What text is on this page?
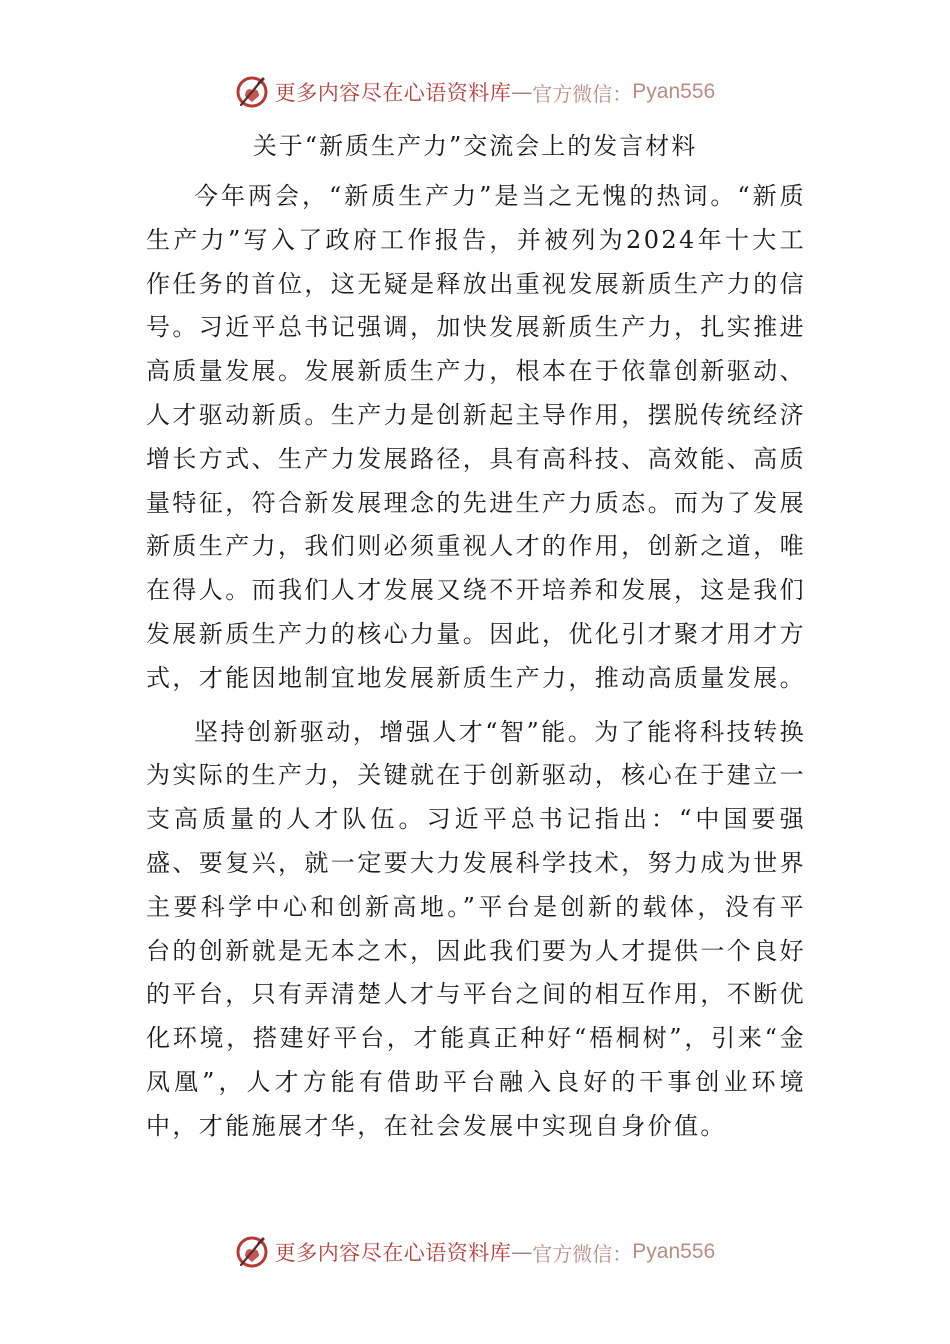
更多内容尽在心语资料库 — 官方微信： Pyan556
关于“新质生产力”交流会上的发言材料

今年两会，“新质生产力”是当之无愧的热词。“新质生产力”写入了政府工作报告，并被列为2024年十大工作任务的首位，这无疑是释放出重视发展新质生产力的信号。习近平总书记强调，加快发展新质生产力，扎实推进高质量发展。发展新质生产力，根本在于依靠创新驱动、人才驱动新质。生产力是创新起主导作用，摆脱传统经济增长方式、生产力发展路径，具有高科技、高效能、高质量特征，符合新发展理念的先进生产力质态。而为了发展新质生产力，我们则必须重视人才的作用，创新之道，唯在得人。而我们人才发展又绕不开培养和发展，这是我们发展新质生产力的核心力量。因此，优化引才聚才用才方式，才能因地制宜地发展新质生产力，推动高质量发展。

坚持创新驱动，增强人才“智”能。为了能将科技转换为实际的生产力，关键就在于创新驱动，核心在于建立一支高质量的人才队伍。习近平总书记指出：“中国要强盛、要复兴，就一定要大力发展科学技术，努力成为世界主要科学中心和创新高地。”平台是创新的载体，没有平台的创新就是无本之木，因此我们要为人才提供一个良好的平台，只有弄清楚人才与平台之间的相互作用，不断优化环境，搭建好平台，才能真正种好“梧桐树”，引来“金凤凰”，人才方能有借助平台融入良好的干事创业环境中，才能施展才华，在社会发展中实现自身价值。

更多内容尽在心语资料库 — 官方微信： Pyan556
